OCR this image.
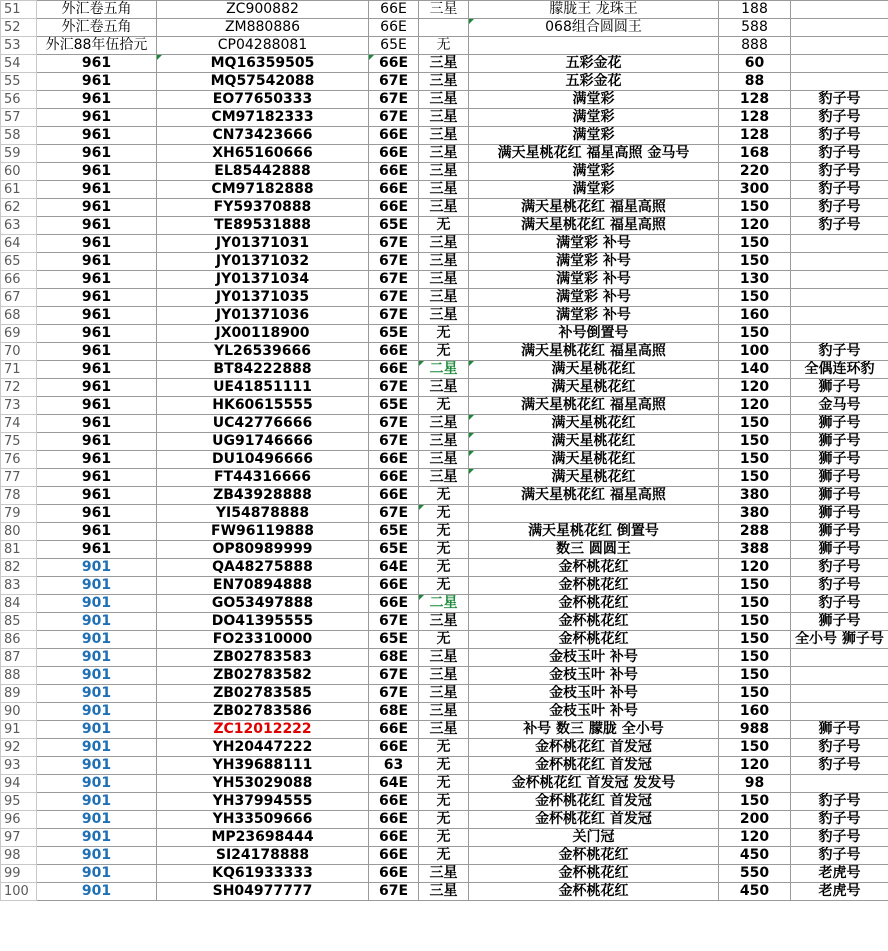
51	外汇卷五角	ZC900882	66E	三星	朦胧王 龙珠王	188	
52	外汇卷五角	ZM880886	66E		068组合圆圆王	588	
53	外汇88年伍拾元	CP04288081	65E	无		888	
54	961	MQ16359505	66E	三星	五彩金花	60	
55	961	MQ57542088	67E	三星	五彩金花	88	
56	961	EO77650333	67E	三星	满堂彩	128	豹子号
57	961	CM97182333	67E	三星	满堂彩	128	豹子号
58	961	CN73423666	66E	三星	满堂彩	128	豹子号
59	961	XH65160666	66E	三星	满天星桃花红 福星高照 金马号	168	豹子号
60	961	EL85442888	66E	三星	满堂彩	220	豹子号
61	961	CM97182888	66E	三星	满堂彩	300	豹子号
62	961	FY59370888	66E	三星	满天星桃花红 福星高照	150	豹子号
63	961	TE89531888	65E	无	满天星桃花红 福星高照	120	豹子号
64	961	JY01371031	67E	三星	满堂彩 补号	150	
65	961	JY01371032	67E	三星	满堂彩 补号	150	
66	961	JY01371034	67E	三星	满堂彩 补号	130	
67	961	JY01371035	67E	三星	满堂彩 补号	150	
68	961	JY01371036	67E	三星	满堂彩 补号	160	
69	961	JX00118900	65E	无	补号倒置号	150	
70	961	YL26539666	66E	无	满天星桃花红 福星高照	100	豹子号
71	961	BT84222888	66E	二星	满天星桃花红	140	全偶连环豹
72	961	UE41851111	67E	三星	满天星桃花红	120	狮子号
73	961	HK60615555	65E	无	满天星桃花红 福星高照	120	金马号
74	961	UC42776666	67E	三星	满天星桃花红	150	狮子号
75	961	UG91746666	67E	三星	满天星桃花红	150	狮子号
76	961	DU10496666	66E	三星	满天星桃花红	150	狮子号
77	961	FT44316666	66E	三星	满天星桃花红	150	狮子号
78	961	ZB43928888	66E	无	满天星桃花红 福星高照	380	狮子号
79	961	YI54878888	67E	无		380	狮子号
80	961	FW96119888	65E	无	满天星桃花红 倒置号	288	狮子号
81	961	OP80989999	65E	无	数三 圆圆王	388	狮子号
82	901	QA48275888	64E	无	金杯桃花红	120	豹子号
83	901	EN70894888	66E	无	金杯桃花红	150	豹子号
84	901	GO53497888	66E	二星	金杯桃花红	150	豹子号
85	901	DO41395555	67E	三星	金杯桃花红	150	狮子号
86	901	FO23310000	65E	无	金杯桃花红	150	全小号 狮子号
87	901	ZB02783583	68E	三星	金枝玉叶 补号	150	
88	901	ZB02783582	67E	三星	金枝玉叶 补号	150	
89	901	ZB02783585	67E	三星	金枝玉叶 补号	150	
90	901	ZB02783586	68E	三星	金枝玉叶 补号	160	
91	901	ZC12012222	66E	三星	补号 数三 朦胧 全小号	988	狮子号
92	901	YH20447222	66E	无	金杯桃花红 首发冠	150	豹子号
93	901	YH39688111	63	无	金杯桃花红 首发冠	120	豹子号
94	901	YH53029088	64E	无	金杯桃花红 首发冠 发发号	98	
95	901	YH37994555	66E	无	金杯桃花红 首发冠	150	豹子号
96	901	YH33509666	66E	无	金杯桃花红 首发冠	200	豹子号
97	901	MP23698444	66E	无	关门冠	120	豹子号
98	901	SI24178888	66E	无	金杯桃花红	450	豹子号
99	901	KQ61933333	66E	三星	金杯桃花红	550	老虎号
100	901	SH04977777	67E	三星	金杯桃花红	450	老虎号
